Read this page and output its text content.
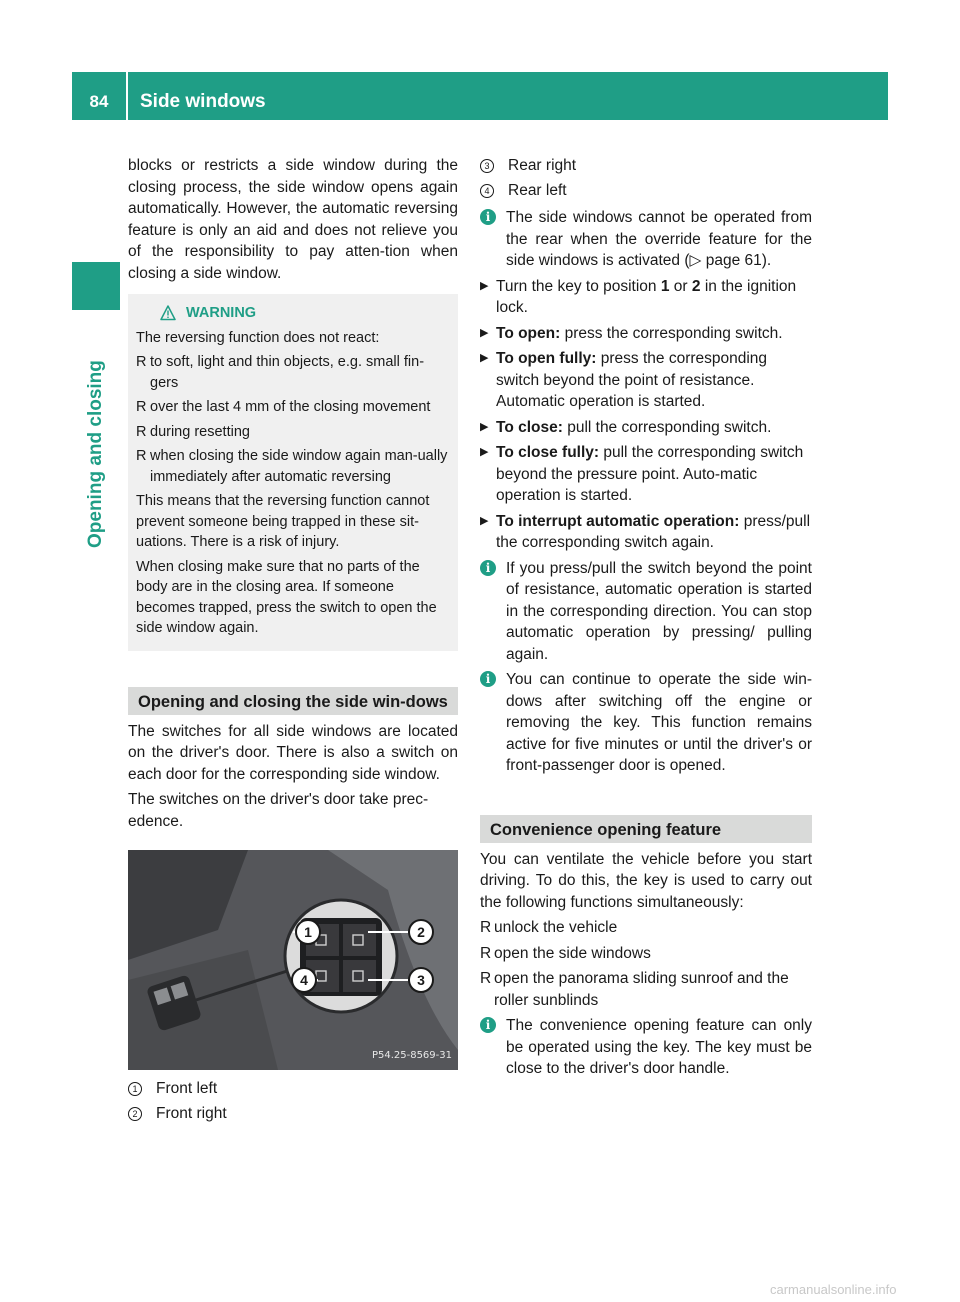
84	Side windows
Opening and closing

blocks or restricts a side window during the closing process, the side window opens again automatically. However, the automatic reversing feature is only an aid and does not relieve you of the responsibility to pay atten-tion when closing a side window.

WARNING

The reversing function does not react:

R to soft, light and thin objects, e.g. small fin-gers
R over the last 4 mm of the closing movement
R during resetting
R when closing the side window again man-ually immediately after automatic reversing

This means that the reversing function cannot prevent someone being trapped in these sit-uations. There is a risk of injury.

When closing make sure that no parts of the body are in the closing area. If someone becomes trapped, press the switch to open the side window again.

Opening and closing the side win-dows

The switches for all side windows are located on the driver's door. There is also a switch on each door for the corresponding side window.

The switches on the driver's door take prec-edence.

1	2
3
4
P54.25-8569-31
1 Front left
2 Front right
3 Rear right
4 Rear left
i	The side windows cannot be operated from the rear when the override feature for the side windows is activated (▷ page 61).
▶ Turn the key to position 1 or 2 in the ignition lock.
▶ To open: press the corresponding switch.
▶ To open fully: press the corresponding switch beyond the point of resistance. Automatic operation is started.
▶ To close: pull the corresponding switch.
▶ To close fully: pull the corresponding switch beyond the pressure point. Auto-matic operation is started.
▶ To interrupt automatic operation: press/pull the corresponding switch again.
i	If you press/pull the switch beyond the point of resistance, automatic operation is started in the corresponding direction. You can stop automatic operation by pressing/ pulling again.
i	You can continue to operate the side win-dows after switching off the engine or removing the key. This function remains active for five minutes or until the driver's or front-passenger door is opened.
Convenience opening feature

You can ventilate the vehicle before you start driving. To do this, the key is used to carry out the following functions simultaneously:

R unlock the vehicle
R open the side windows
R open the panorama sliding sunroof and the roller sunblinds
i	The convenience opening feature can only be operated using the key. The key must be close to the driver's door handle.
carmanualsonline.info
